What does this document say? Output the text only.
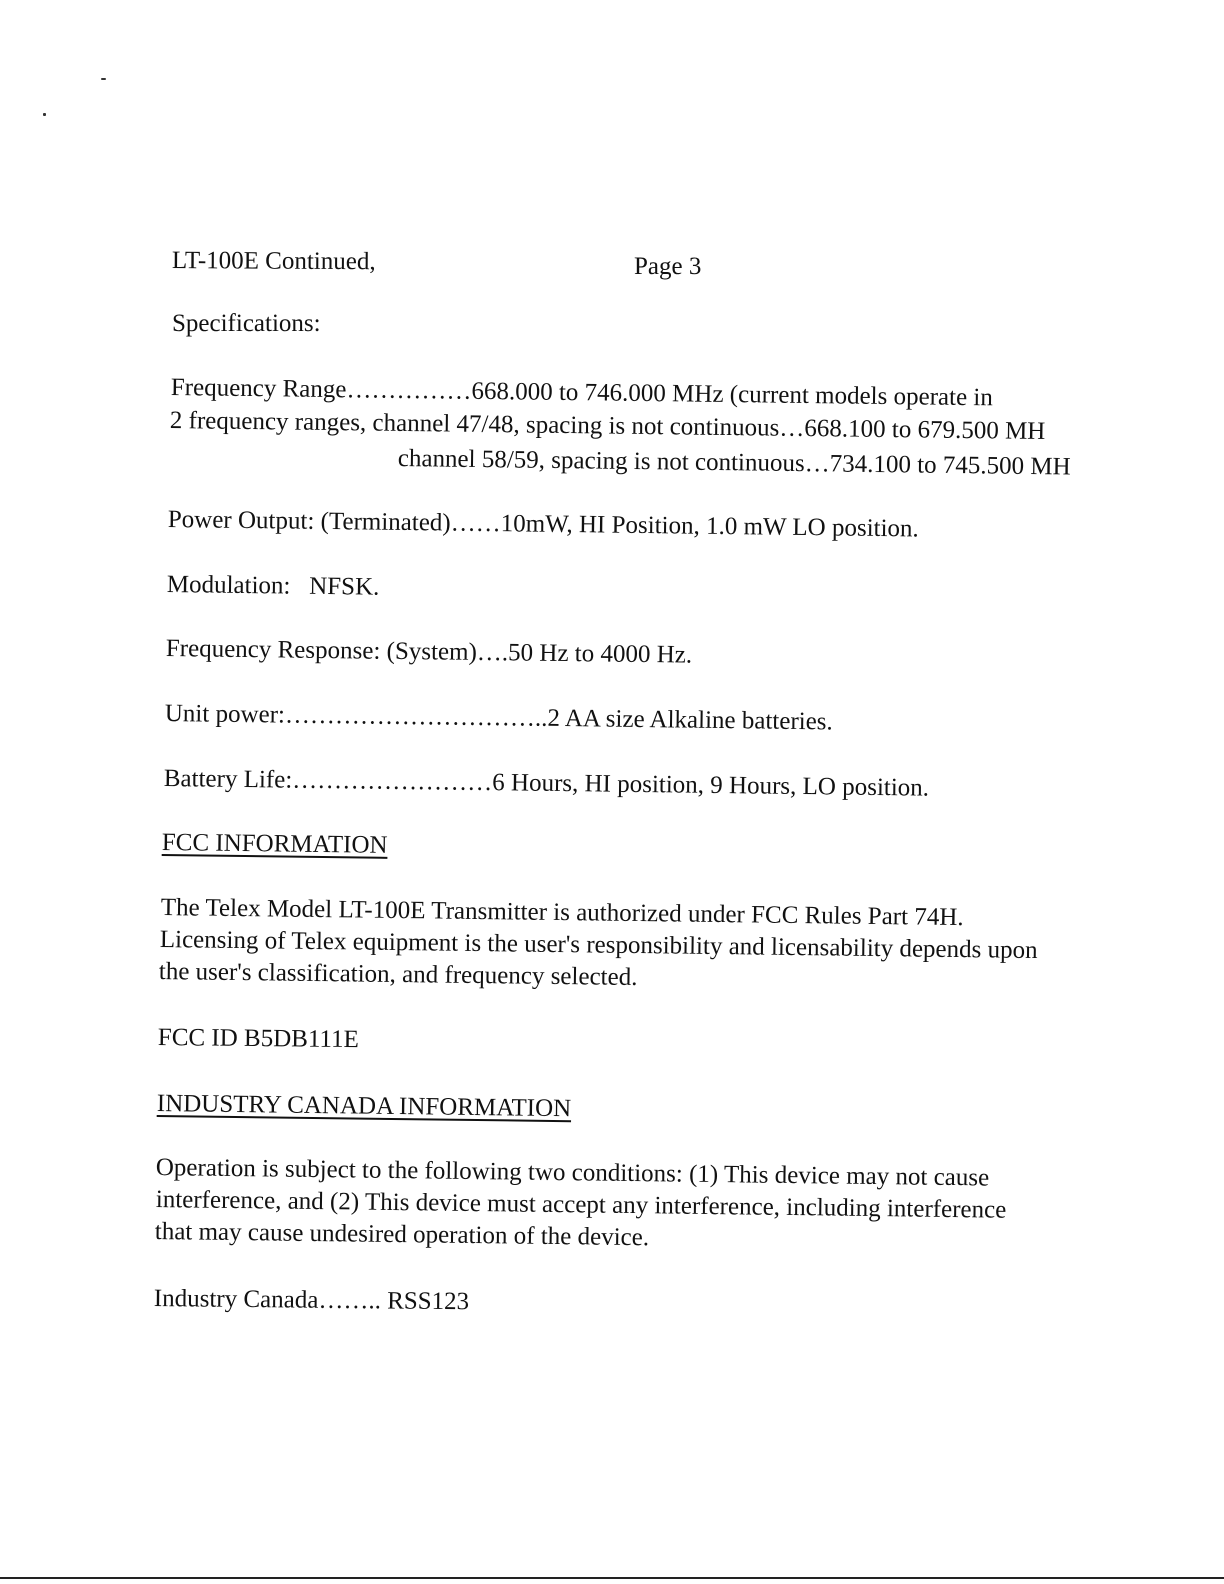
LT-100E Continued,	Page 3
Specifications:
Frequency Range……………668.000 to 746.000 MHz (current models operate in
2 frequency ranges, channel 47/48, spacing is not continuous…668.100 to 679.500 MH
channel 58/59, spacing is not continuous…734.100 to 745.500 MH
Power Output: (Terminated)……10mW, HI Position, 1.0 mW LO position.
Modulation:   NFSK.
Frequency Response: (System)….50 Hz to 4000 Hz.
Unit power:…………………………..2 AA size Alkaline batteries.
Battery Life:……………………6 Hours, HI position, 9 Hours, LO position.
FCC INFORMATION
The Telex Model LT-100E Transmitter is authorized under FCC Rules Part 74H.
Licensing of Telex equipment is the user's responsibility and licensability depends upon
the user's classification, and frequency selected.
FCC ID B5DB111E
INDUSTRY CANADA INFORMATION
Operation is subject to the following two conditions: (1) This device may not cause
interference, and (2) This device must accept any interference, including interference
that may cause undesired operation of the device.
Industry Canada…….. RSS123
